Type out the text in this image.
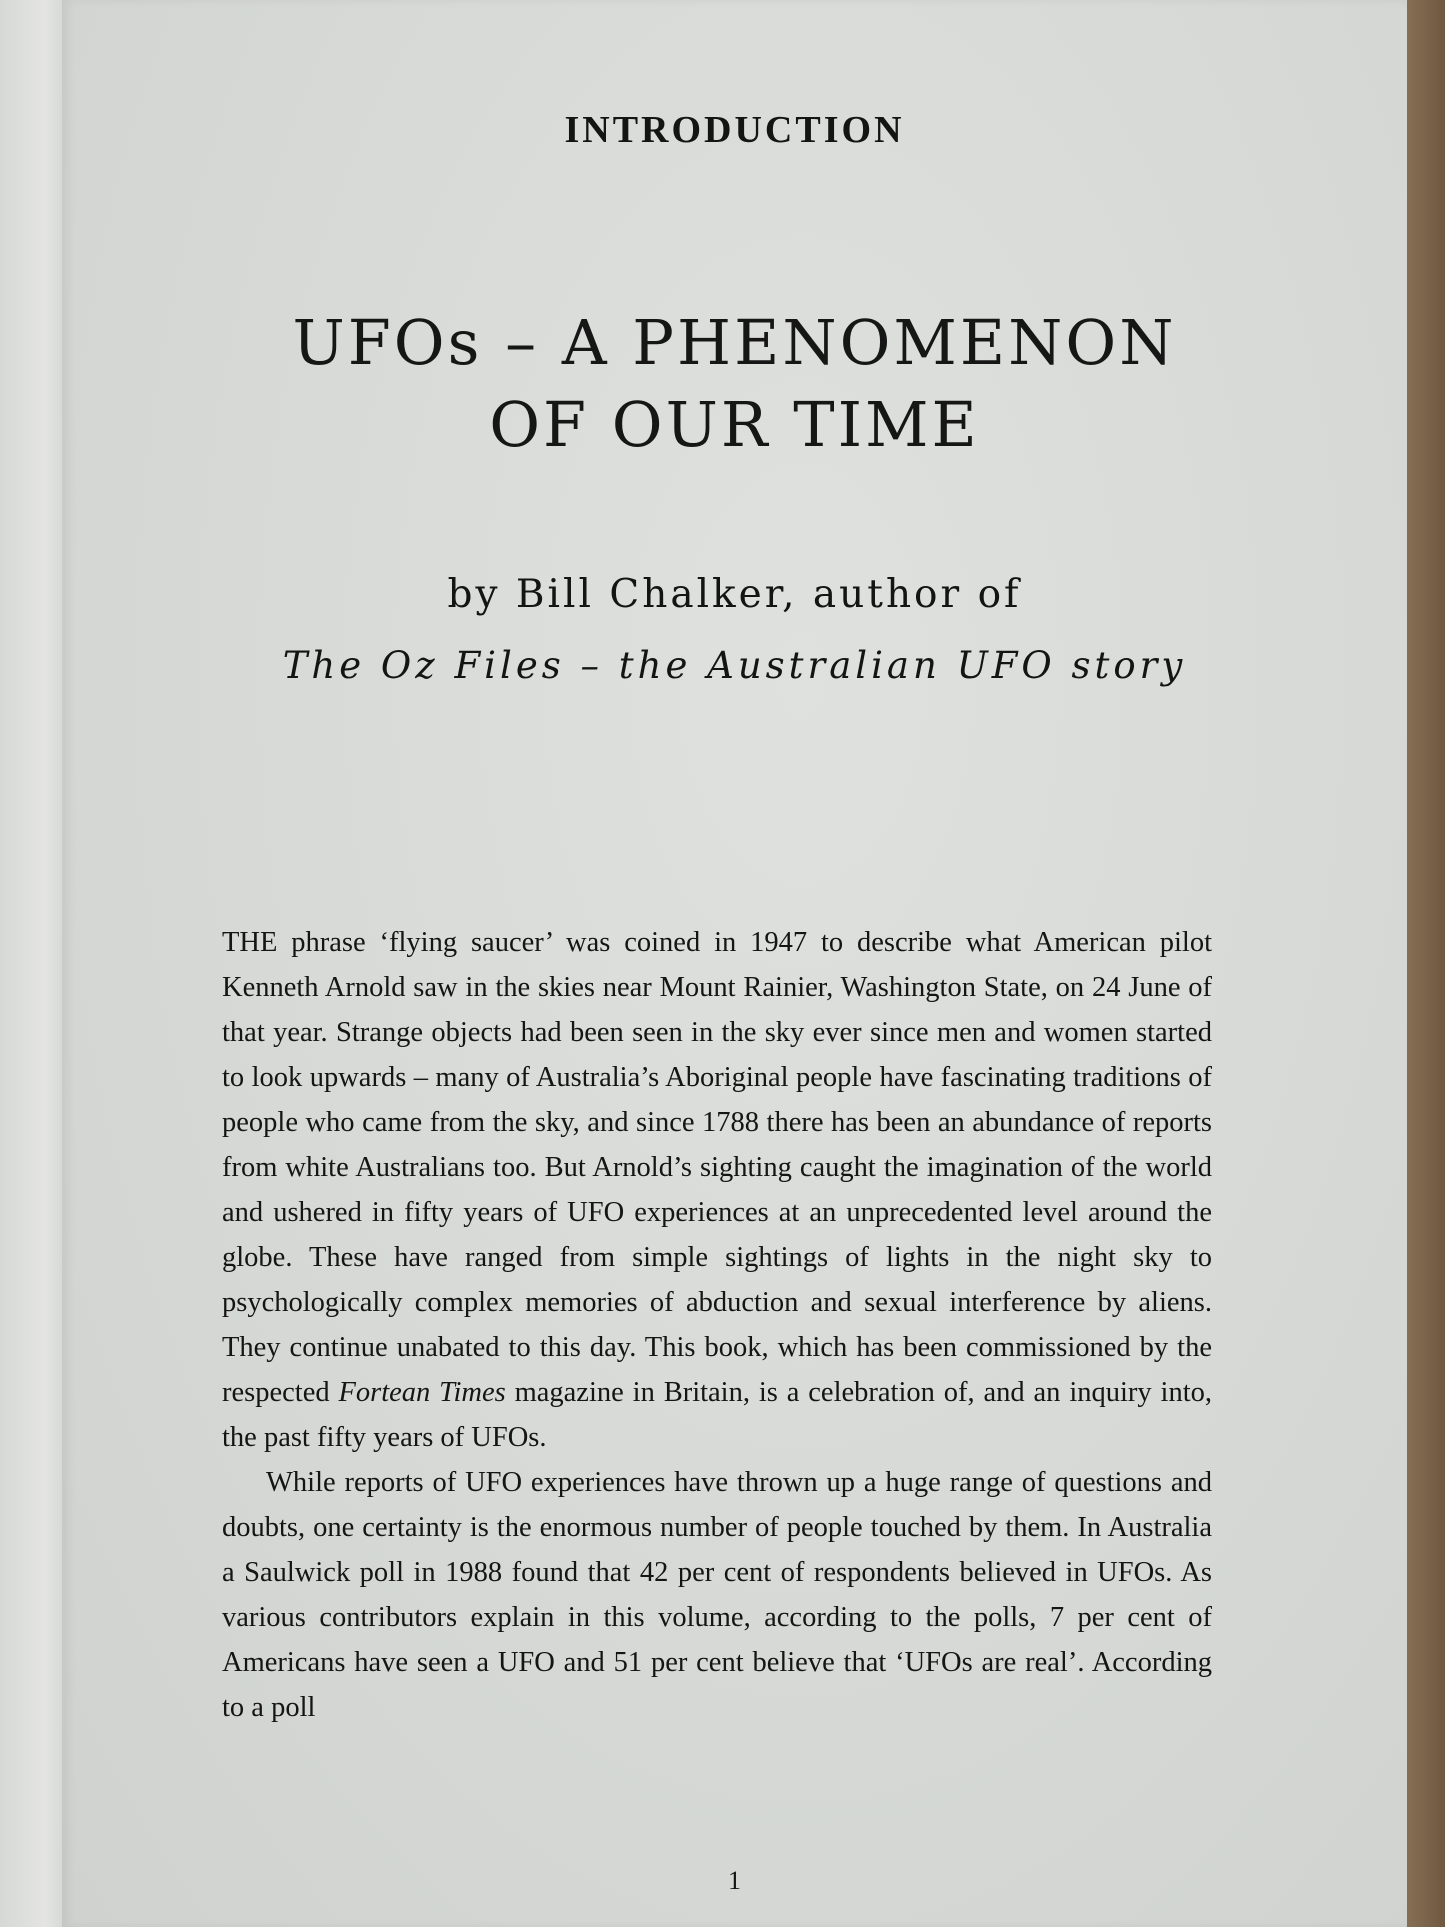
INTRODUCTION
UFOs – A PHENOMENON
OF OUR TIME
by Bill Chalker, author of
The Oz Files – the Australian UFO story

THE phrase ‘flying saucer’ was coined in 1947 to describe what American pilot Kenneth Arnold saw in the skies near Mount Rainier, Washington State, on 24 June of that year. Strange objects had been seen in the sky ever since men and women started to look upwards – many of Australia’s Aboriginal people have fascinating traditions of people who came from the sky, and since 1788 there has been an abundance of reports from white Australians too. But Arnold’s sighting caught the imagination of the world and ushered in fifty years of UFO experiences at an unprecedented level around the globe. These have ranged from simple sightings of lights in the night sky to psychologically complex memories of abduction and sexual interference by aliens. They continue unabated to this day. This book, which has been commissioned by the respected Fortean Times magazine in Britain, is a celebration of, and an inquiry into, the past fifty years of UFOs.

While reports of UFO experiences have thrown up a huge range of questions and doubts, one certainty is the enormous number of people touched by them. In Australia a Saulwick poll in 1988 found that 42 per cent of respondents believed in UFOs. As various contributors explain in this volume, according to the polls, 7 per cent of Americans have seen a UFO and 51 per cent believe that ‘UFOs are real’. According to a poll

1
